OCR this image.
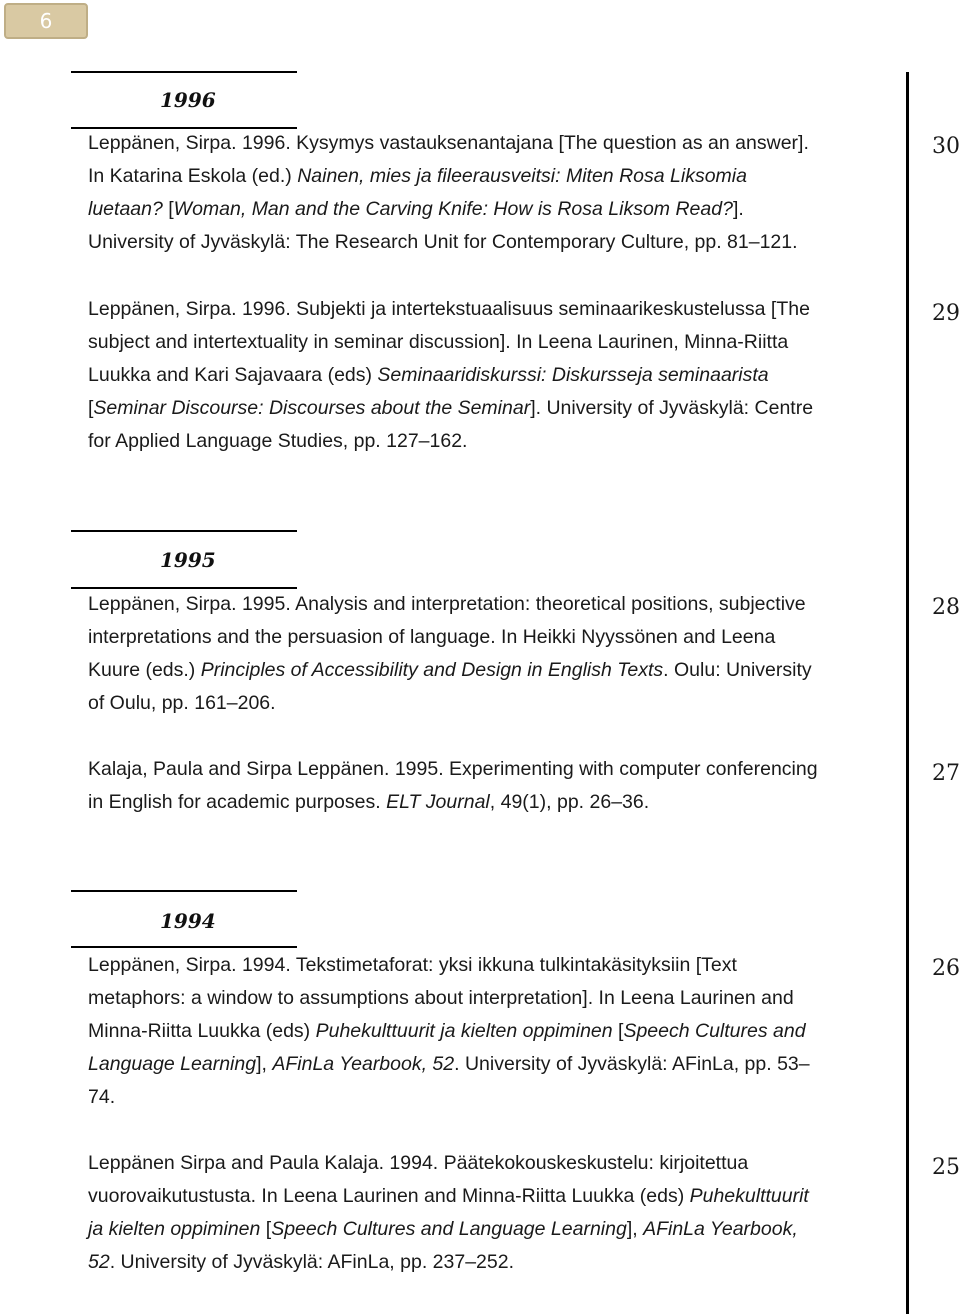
6
1996
Leppänen, Sirpa. 1996. Kysymys vastauksenantajana [The question as an answer].
In Katarina Eskola (ed.) Nainen, mies ja fileerausveitsi: Miten Rosa Liksomia
luetaan? [Woman, Man and the Carving Knife: How is Rosa Liksom Read?].
University of Jyväskylä: The Research Unit for Contemporary Culture, pp. 81–121.
30
Leppänen, Sirpa. 1996. Subjekti ja intertekstuaalisuus seminaarikeskustelussa [The
subject and intertextuality in seminar discussion]. In Leena Laurinen, Minna-Riitta
Luukka and Kari Sajavaara (eds) Seminaaridiskurssi: Diskursseja seminaarista
[Seminar Discourse: Discourses about the Seminar]. University of Jyväskylä: Centre
for Applied Language Studies, pp. 127–162.
29
1995
Leppänen, Sirpa. 1995. Analysis and interpretation: theoretical positions, subjective
interpretations and the persuasion of language. In Heikki Nyyssönen and Leena
Kuure (eds.) Principles of Accessibility and Design in English Texts. Oulu: University
of Oulu, pp. 161–206.
28
Kalaja, Paula and Sirpa Leppänen. 1995. Experimenting with computer conferencing
in English for academic purposes. ELT Journal, 49(1), pp. 26–36.
27
1994
Leppänen, Sirpa. 1994. Tekstimetaforat: yksi ikkuna tulkintakäsityksiin [Text
metaphors: a window to assumptions about interpretation]. In Leena Laurinen and
Minna-Riitta Luukka (eds) Puhekulttuurit ja kielten oppiminen [Speech Cultures and
Language Learning], AFinLa Yearbook, 52. University of Jyväskylä: AFinLa, pp. 53–
74.
26
Leppänen Sirpa and Paula Kalaja. 1994. Päätekokouskeskustelu: kirjoitettua
vuorovaikutustusta. In Leena Laurinen and Minna-Riitta Luukka (eds) Puhekulttuurit
ja kielten oppiminen [Speech Cultures and Language Learning], AFinLa Yearbook,
52. University of Jyväskylä: AFinLa, pp. 237–252.
25
